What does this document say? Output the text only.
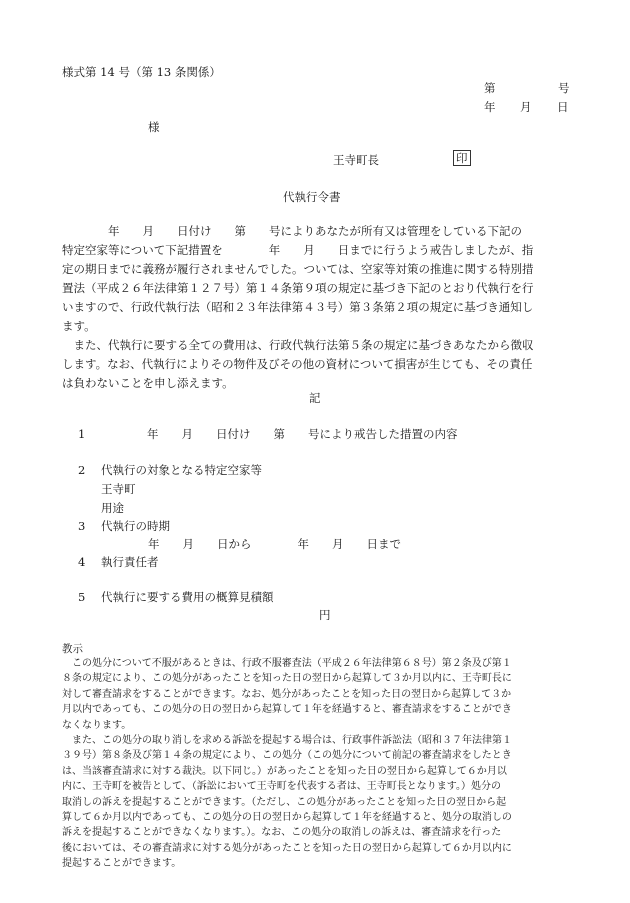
様式第 14 号（第 13 条関係）
第	号
年 月 日
様
王寺町長	印
代執行令書
　　　　年　　月　　日付け　　第　　号によりあなたが所有又は管理をしている下記の
特定空家等について下記措置を　　　　年　　月　　日までに行うよう戒告しましたが、指
定の期日までに義務が履行されませんでした。ついては、空家等対策の推進に関する特別措
置法（平成２６年法律第１２７号）第１４条第９項の規定に基づき下記のとおり代執行を行
いますので、行政代執行法（昭和２３年法律第４３号）第３条第２項の規定に基づき通知し
ます。
　また、代執行に要する全ての費用は、行政代執行法第５条の規定に基づきあなたから徴収
します。なお、代執行によりその物件及びその他の資材について損害が生じても、その責任
は負わないことを申し添えます。
記
1 　　　　年　　月　　日付け　　第　　号により戒告した措置の内容
2 代執行の対象となる特定空家等
王寺町
用途
3 代執行の時期
年　　月　　日から　　　　年　　月　　日まで
4 執行責任者
5 代執行に要する費用の概算見積額
円
教示
　この処分について不服があるときは、行政不服審査法（平成２６年法律第６８号）第２条及び第１
８条の規定により、この処分があったことを知った日の翌日から起算して３か月以内に、王寺町長に
対して審査請求をすることができます。なお、処分があったことを知った日の翌日から起算して３か
月以内であっても、この処分の日の翌日から起算して１年を経過すると、審査請求をすることができ
なくなります。
　また、この処分の取り消しを求める訴訟を提起する場合は、行政事件訴訟法（昭和３７年法律第１
３９号）第８条及び第１４条の規定により、この処分（この処分について前記の審査請求をしたとき
は、当該審査請求に対する裁決。以下同じ。）があったことを知った日の翌日から起算して６か月以
内に、王寺町を被告として、（訴訟において王寺町を代表する者は、王寺町長となります。）処分の
取消しの訴えを提起することができます。（ただし、この処分があったことを知った日の翌日から起
算して６か月以内であっても、この処分の日の翌日から起算して１年を経過すると、処分の取消しの
訴えを提起することができなくなります。）。なお、この処分の取消しの訴えは、審査請求を行った
後においては、その審査請求に対する処分があったことを知った日の翌日から起算して６か月以内に
提起することができます。
